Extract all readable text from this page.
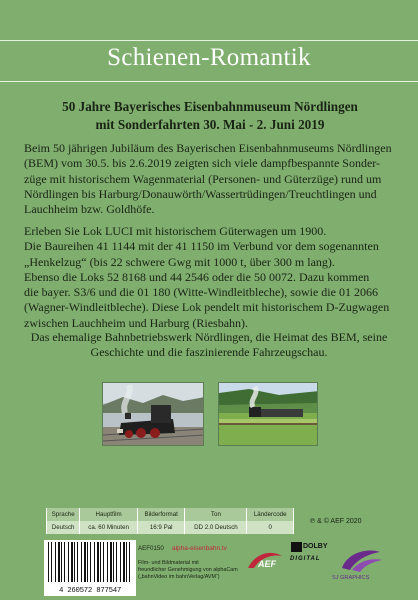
Schienen-Romantik
50 Jahre Bayerisches Eisenbahnmuseum Nördlingen
mit Sonderfahrten 30. Mai - 2. Juni 2019
Beim 50 jährigen Jubiläum des Bayerischen Eisenbahnmuseums Nördlingen
(BEM) vom 30.5. bis 2.6.2019 zeigten sich viele dampfbespannte Sonder-
züge mit historischem Wagenmaterial (Personen- und Güterzüge) rund um
Nördlingen bis Harburg/Donauwörth/Wassertrüdingen/Treuchtlingen und
Lauchheim bzw. Goldhöfe.
Erleben Sie Lok LUCI mit historischem Güterwagen um 1900.
Die Baureihen 41 1144 mit der 41 1150 im Verbund vor dem sogenannten
„Henkelzug“ (bis 22 schwere Gwg mit 1000 t, über 300 m lang).
Ebenso die Loks 52 8168 und 44 2546 oder die 50 0072. Dazu kommen
die bayer. S3/6 und die 01 180 (Witte-Windleitbleche), sowie die 01 2066
(Wagner-Windleitbleche). Diese Lok pendelt mit historischem D-Zugwagen
zwischen Lauchheim und Harburg (Riesbahn).
Das ehemalige Bahnbetriebswerk Nördlingen, die Heimat des BEM, seine
Geschichte und die faszinierende Fahrzeugschau.
Sprache	Hauptfilm	Bilderformat	Ton	Ländercode
Deutsch	ca. 60 Minuten	16:9 Pal	DD 2.0 Deutsch	0
℗ & © AEF 2020
4 260572 877547
AEF0150 alpha-eisenbahn.tv
Film- und Bildmaterial mit
freundlicher Genehmigung von alphaCam
(„bahnVideo im bahnVerlag/AVM“)
AEF
DOLBY
DIGITAL
SJ GRAPHICS
